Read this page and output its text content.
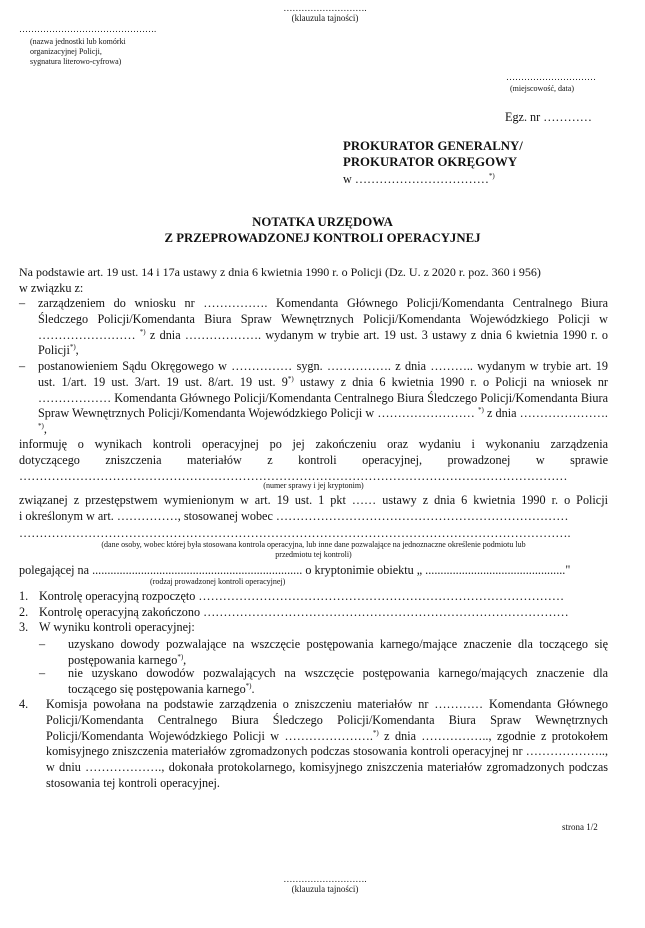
……………………….
(klauzula tajności)
……………………………………….
(nazwa jednostki lub komórki
organizacyjnej Policji,
sygnatura literowo-cyfrowa)
…………………………
(miejscowość, data)
Egz. nr …………
PROKURATOR GENERALNY/
PROKURATOR OKRĘGOWY
w ……………………………*)
NOTATKA URZĘDOWA
Z PRZEPROWADZONEJ KONTROLI OPERACYJNEJ
Na podstawie art. 19 ust. 14 i 17a ustawy z dnia 6 kwietnia 1990 r. o Policji (Dz. U. z 2020 r. poz. 360 i 956)
w związku z:
– zarządzeniem do wniosku nr ……………. Komendanta Głównego Policji/Komendanta Centralnego Biura Śledczego Policji/Komendanta Biura Spraw Wewnętrznych Policji/Komendanta Wojewódzkiego Policji w …………………… *) z dnia ………………. wydanym w trybie art. 19 ust. 3 ustawy z dnia 6 kwietnia 1990 r. o Policji*),

– postanowieniem Sądu Okręgowego w …………… sygn. ……………. z dnia ……….. wydanym w trybie art. 19 ust. 1/art. 19 ust. 3/art. 19 ust. 8/art. 19 ust. 9*) ustawy z dnia 6 kwietnia 1990 r. o Policji na wniosek nr ……………… Komendanta Głównego Policji/Komendanta Centralnego Biura Śledczego Policji/Komendanta Biura Spraw Wewnętrznych Policji/Komendanta Wojewódzkiego Policji w …………………… *) z dnia …………………. *),

informuję o wynikach kontroli operacyjnej po jej zakończeniu oraz wydaniu i wykonaniu zarządzenia
dotyczącego zniszczenia materiałów z kontroli operacyjnej, prowadzonej w sprawie
………………………………………………………………………………………………………………………
(numer sprawy i jej kryptonim)
związanej z przestępstwem wymienionym w art. 19 ust. 1 pkt …… ustawy z dnia 6 kwietnia 1990 r. o Policji
i określonym w art. ……………, stosowanej wobec ………………………………………………………………
……………………………………………………………………………………………………………………….
(dane osoby, wobec której była stosowana kontrola operacyjna, lub inne dane pozwalające na jednoznaczne określenie podmiotu lub
przedmiotu tej kontroli)
polegającej na ..................................................................... o kryptonimie obiektu „ .............................................."
(rodzaj prowadzonej kontroli operacyjnej)
1. Kontrolę operacyjną rozpoczęto ………………………………………………………………………………

2. Kontrolę operacyjną zakończono ………………………………………………………………………………

3. W wyniku kontroli operacyjnej:

– uzyskano dowody pozwalające na wszczęcie postępowania karnego/mające znaczenie dla toczącego się postępowania karnego*),

– nie uzyskano dowodów pozwalających na wszczęcie postępowania karnego/mających znaczenie dla toczącego się postępowania karnego*).

4. Komisja powołana na podstawie zarządzenia o zniszczeniu materiałów nr ………… Komendanta Głównego Policji/Komendanta Centralnego Biura Śledczego Policji/Komendanta Biura Spraw Wewnętrznych Policji/Komendanta Wojewódzkiego Policji w ………………….*) z dnia …………….., zgodnie z protokołem komisyjnego zniszczenia materiałów zgromadzonych podczas stosowania kontroli operacyjnej nr ……………….., w dniu ………………., dokonała protokolarnego, komisyjnego zniszczenia materiałów zgromadzonych podczas stosowania tej kontroli operacyjnej.

strona 1/2
……………………….
(klauzula tajności)
